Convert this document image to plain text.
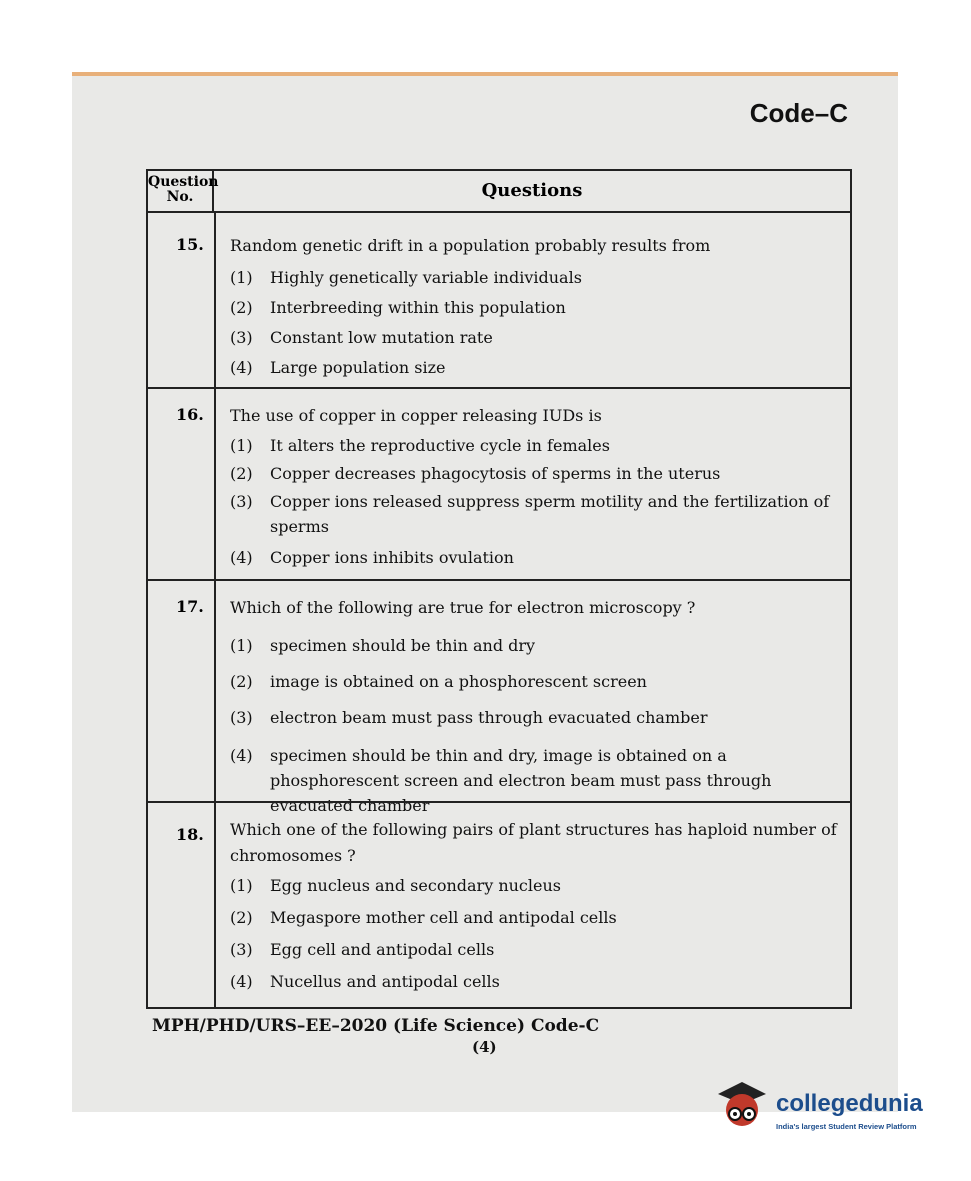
Code–C
Question
No.	Questions
15.	Random genetic drift in a population probably results from
(1) Highly genetically variable individuals
(2) Interbreeding within this population
(3) Constant low mutation rate
(4) Large population size
16.	The use of copper in copper releasing IUDs is
(1) It alters the reproductive cycle in females
(2) Copper decreases phagocytosis of sperms in the uterus
(3) Copper ions released suppress sperm motility and the fertilization of sperms
(4) Copper ions inhibits ovulation
17.	Which of the following are true for electron microscopy ?
(1) specimen should be thin and dry
(2) image is obtained on a phosphorescent screen
(3) electron beam must pass through evacuated chamber
(4) specimen should be thin and dry, image is obtained on a phosphorescent screen and electron beam must pass through evacuated chamber
18.	Which one of the following pairs of plant structures has haploid number of chromosomes ?
(1) Egg nucleus and secondary nucleus
(2) Megaspore mother cell and antipodal cells
(3) Egg cell and antipodal cells
(4) Nucellus and antipodal cells
MPH/PHD/URS–EE–2020 (Life Science) Code-C
(4)
collegedunia
India's largest Student Review Platform
